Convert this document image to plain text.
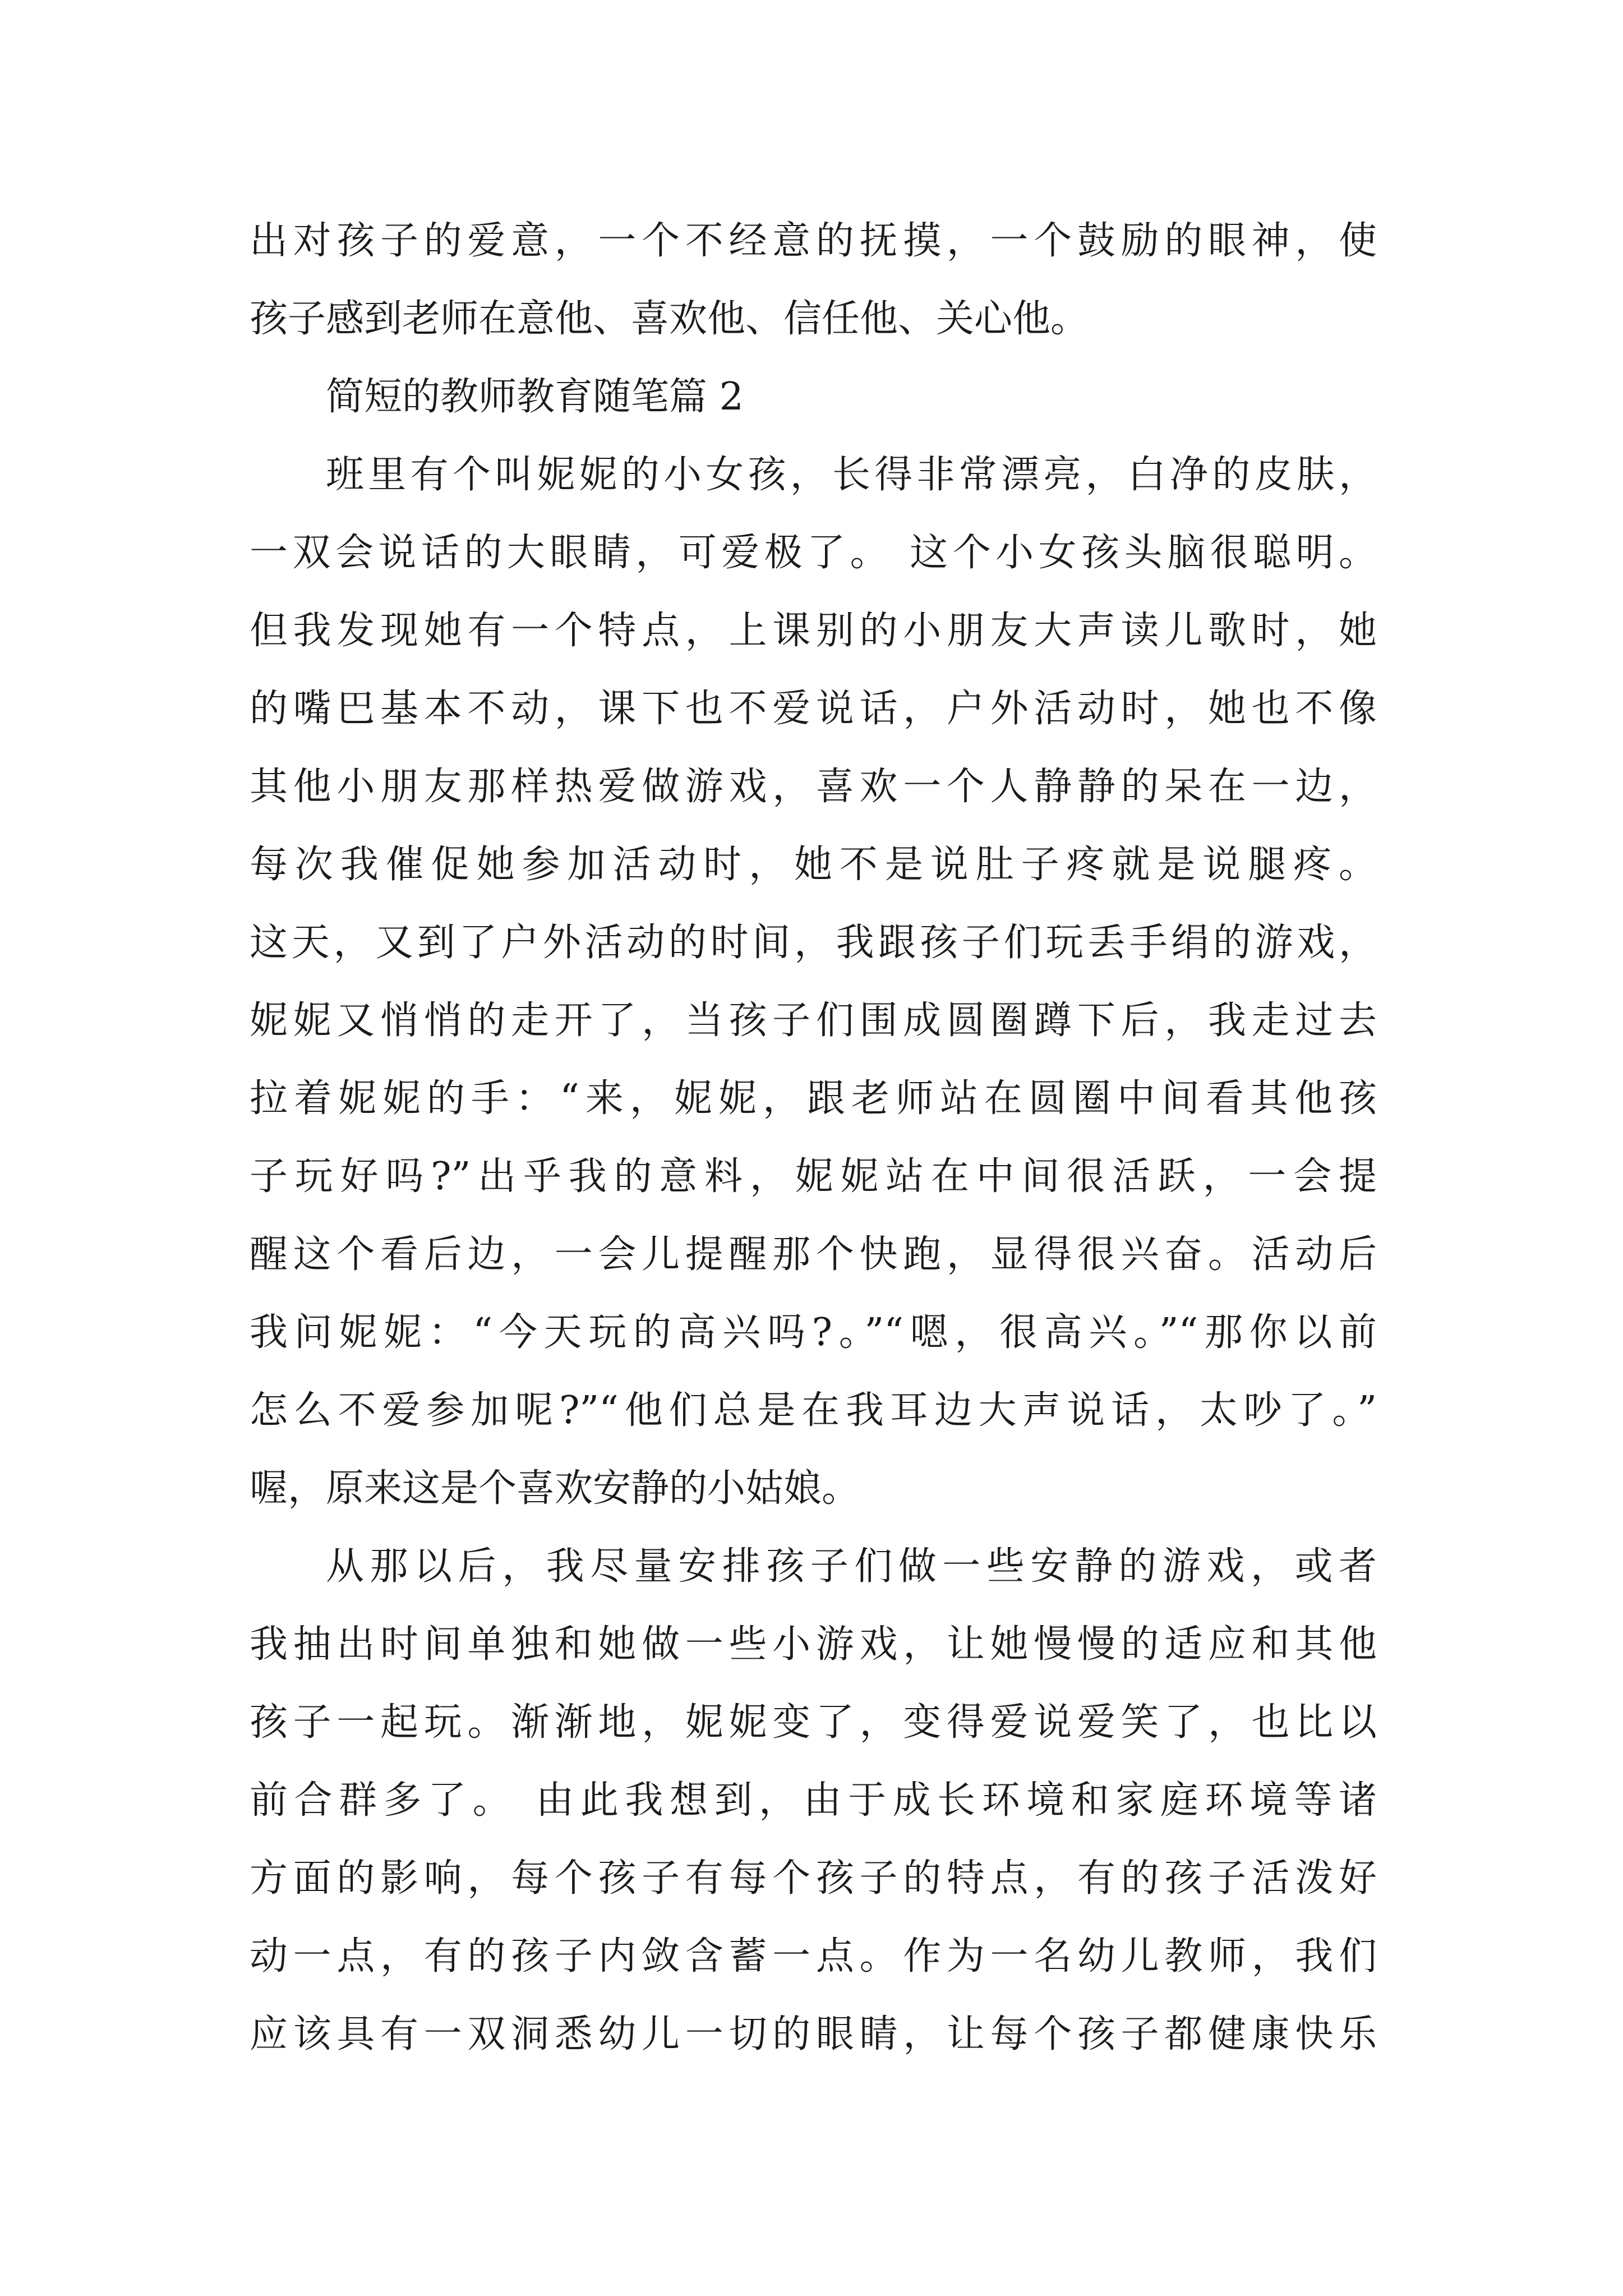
出对孩子的爱意，一个不经意的抚摸，一个鼓励的眼神，使
孩子感到老师在意他、喜欢他、信任他、关心他。
简短的教师教育随笔篇 2
班里有个叫妮妮的小女孩，长得非常漂亮，白净的皮肤，
一双会说话的大眼睛，可爱极了。 这个小女孩头脑很聪明。
但我发现她有一个特点，上课别的小朋友大声读儿歌时，她
的嘴巴基本不动，课下也不爱说话，户外活动时，她也不像
其他小朋友那样热爱做游戏，喜欢一个人静静的呆在一边，
每次我催促她参加活动时，她不是说肚子疼就是说腿疼。
这天，又到了户外活动的时间，我跟孩子们玩丢手绢的游戏，
妮妮又悄悄的走开了，当孩子们围成圆圈蹲下后，我走过去
拉着妮妮的手：“来，妮妮，跟老师站在圆圈中间看其他孩
子玩好吗?”出乎我的意料，妮妮站在中间很活跃，一会提
醒这个看后边，一会儿提醒那个快跑，显得很兴奋。活动后
我问妮妮：“今天玩的高兴吗?。”“嗯，很高兴。”“那你以前
怎么不爱参加呢?”“他们总是在我耳边大声说话，太吵了。”
喔，原来这是个喜欢安静的小姑娘。
从那以后，我尽量安排孩子们做一些安静的游戏，或者
我抽出时间单独和她做一些小游戏，让她慢慢的适应和其他
孩子一起玩。渐渐地，妮妮变了，变得爱说爱笑了，也比以
前合群多了。 由此我想到，由于成长环境和家庭环境等诸
方面的影响，每个孩子有每个孩子的特点，有的孩子活泼好
动一点，有的孩子内敛含蓄一点。作为一名幼儿教师，我们
应该具有一双洞悉幼儿一切的眼睛，让每个孩子都健康快乐
